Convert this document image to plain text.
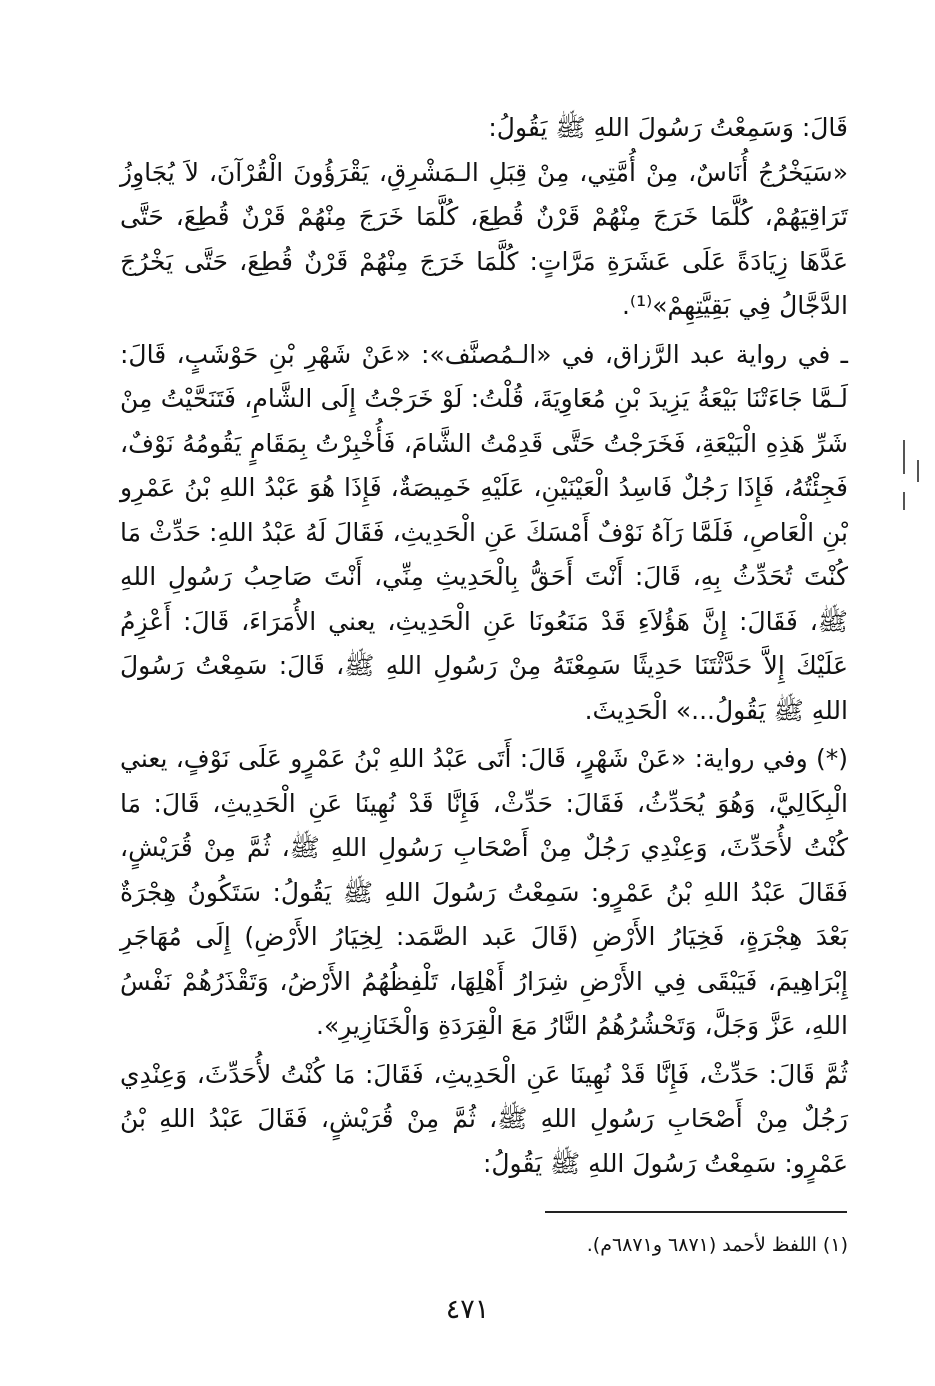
قَالَ: وَسَمِعْتُ رَسُولَ اللهِ ﷺ يَقُولُ:

«سَيَخْرُجُ أُنَاسٌ، مِنْ أُمَّتِي، مِنْ قِبَلِ الـمَشْرِقِ، يَقْرَؤُونَ الْقُرْآنَ، لاَ يُجَاوِزُ تَرَاقِيَهُمْ، كُلَّمَا خَرَجَ مِنْهُمْ قَرْنٌ قُطِعَ، كُلَّمَا خَرَجَ مِنْهُمْ قَرْنٌ قُطِعَ، حَتَّى عَدَّهَا زِيَادَةً عَلَى عَشَرَةِ مَرَّاتٍ: كُلَّمَا خَرَجَ مِنْهُمْ قَرْنٌ قُطِعَ، حَتَّى يَخْرُجَ الدَّجَّالُ فِي بَقِيَّتِهِمْ»⁽¹⁾.

ـ في رواية عبد الرَّزاق، في «الـمُصنَّف»: «عَنْ شَهْرِ بْنِ حَوْشَبٍ، قَالَ: لَـمَّا جَاءَتْنَا بَيْعَةُ يَزِيدَ بْنِ مُعَاوِيَةَ، قُلْتُ: لَوْ خَرَجْتُ إِلَى الشَّامِ، فَتَنَحَّيْتُ مِنْ شَرِّ هَذِهِ الْبَيْعَةِ، فَخَرَجْتُ حَتَّى قَدِمْتُ الشَّامَ، فَأُخْبِرْتُ بِمَقَامٍ يَقُومُهُ نَوْفٌ، فَجِئْتُهُ، فَإِذَا رَجُلٌ فَاسِدُ الْعَيْنَيْنِ، عَلَيْهِ خَمِيصَةٌ، فَإِذَا هُوَ عَبْدُ اللهِ بْنُ عَمْرِو بْنِ الْعَاصِ، فَلَمَّا رَآهُ نَوْفٌ أَمْسَكَ عَنِ الْحَدِيثِ، فَقَالَ لَهُ عَبْدُ اللهِ: حَدِّثْ مَا كُنْتَ تُحَدِّثُ بِهِ، قَالَ: أَنْتَ أَحَقُّ بِالْحَدِيثِ مِنِّي، أَنْتَ صَاحِبُ رَسُولِ اللهِ ﷺ، فَقَالَ: إِنَّ هَؤُلاَءِ قَدْ مَنَعُونَا عَنِ الْحَدِيثِ، يعني الأُمَرَاءَ، قَالَ: أَعْزِمُ عَلَيْكَ إِلاَّ حَدَّثْتَنَا حَدِيثًا سَمِعْتَهُ مِنْ رَسُولِ اللهِ ﷺ، قَالَ: سَمِعْتُ رَسُولَ اللهِ ﷺ يَقُولُ...» الْحَدِيثَ.

(*) وفي رواية: «عَنْ شَهْرٍ، قَالَ: أَتَى عَبْدُ اللهِ بْنُ عَمْرٍو عَلَى نَوْفٍ، يعني الْبِكَالِيَّ، وَهُوَ يُحَدِّثُ، فَقَالَ: حَدِّثْ، فَإِنَّا قَدْ نُهِينَا عَنِ الْحَدِيثِ، قَالَ: مَا كُنْتُ لأُحَدِّثَ، وَعِنْدِي رَجُلٌ مِنْ أَصْحَابِ رَسُولِ اللهِ ﷺ، ثُمَّ مِنْ قُرَيْشٍ، فَقَالَ عَبْدُ اللهِ بْنُ عَمْرٍو: سَمِعْتُ رَسُولَ اللهِ ﷺ يَقُولُ: سَتَكُونُ هِجْرَةٌ بَعْدَ هِجْرَةٍ، فَخِيَارُ الأَرْضِ (قَالَ عَبد الصَّمَد: لِخِيَارُ الأَرْضِ) إِلَى مُهَاجَرِ إِبْرَاهِيمَ، فَيَبْقَى فِي الأَرْضِ شِرَارُ أَهْلِهَا، تَلْفِظُهُمُ الأَرْضُ، وَتَقْذَرُهُمْ نَفْسُ اللهِ، عَزَّ وَجَلَّ، وَتَحْشُرُهُمُ النَّارُ مَعَ الْقِرَدَةِ وَالْخَنَازِيرِ».

ثُمَّ قَالَ: حَدِّثْ، فَإِنَّا قَدْ نُهِينَا عَنِ الْحَدِيثِ، فَقَالَ: مَا كُنْتُ لأُحَدِّثَ، وَعِنْدِي رَجُلٌ مِنْ أَصْحَابِ رَسُولِ اللهِ ﷺ، ثُمَّ مِنْ قُرَيْشٍ، فَقَالَ عَبْدُ اللهِ بْنُ عَمْرٍو: سَمِعْتُ رَسُولَ اللهِ ﷺ يَقُولُ:

(١) اللفظ لأحمد (٦٨٧١ و٦٨٧١م).
٤٧١
